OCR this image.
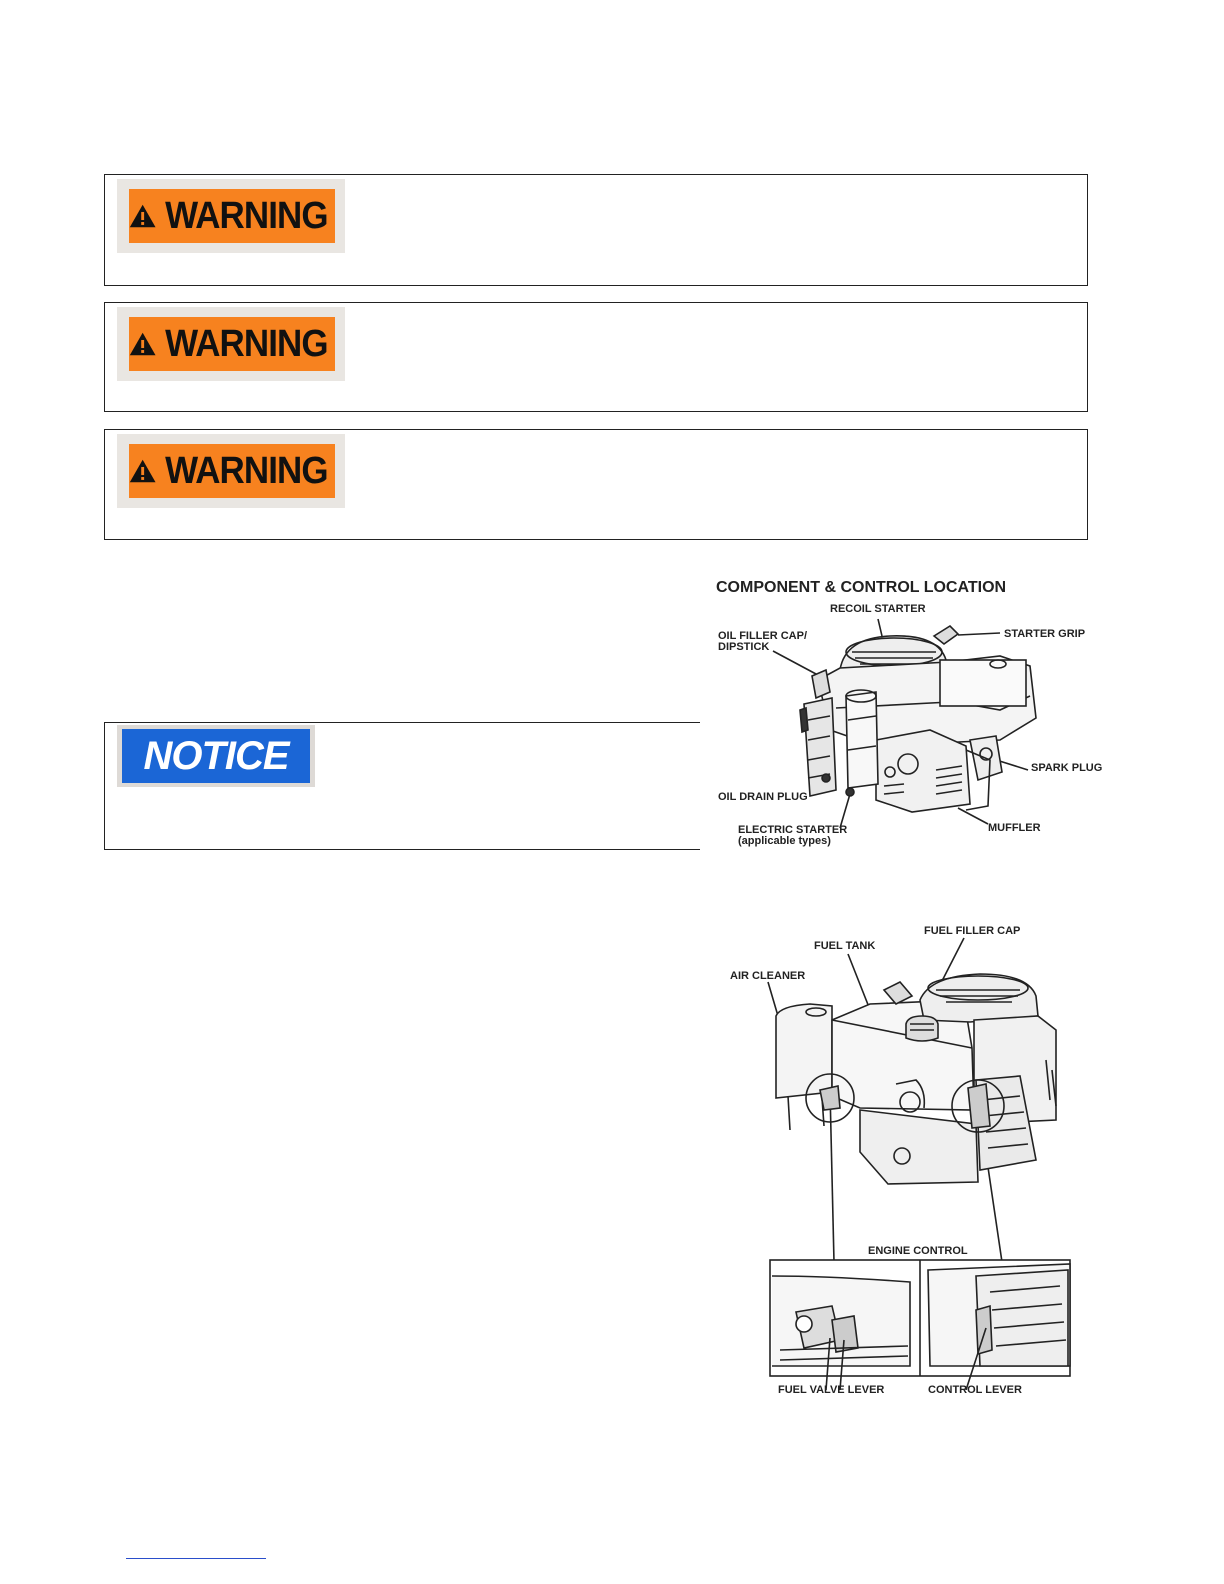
WARNING
WARNING
WARNING
NOTICE
COMPONENT & CONTROL LOCATION
RECOIL STARTER
STARTER GRIP
OIL FILLER CAP/
DIPSTICK
SPARK PLUG
OIL DRAIN PLUG
MUFFLER
ELECTRIC STARTER
(applicable types)
FUEL FILLER CAP
FUEL TANK
AIR CLEANER
ENGINE CONTROL
FUEL VALVE LEVER	CONTROL LEVER
